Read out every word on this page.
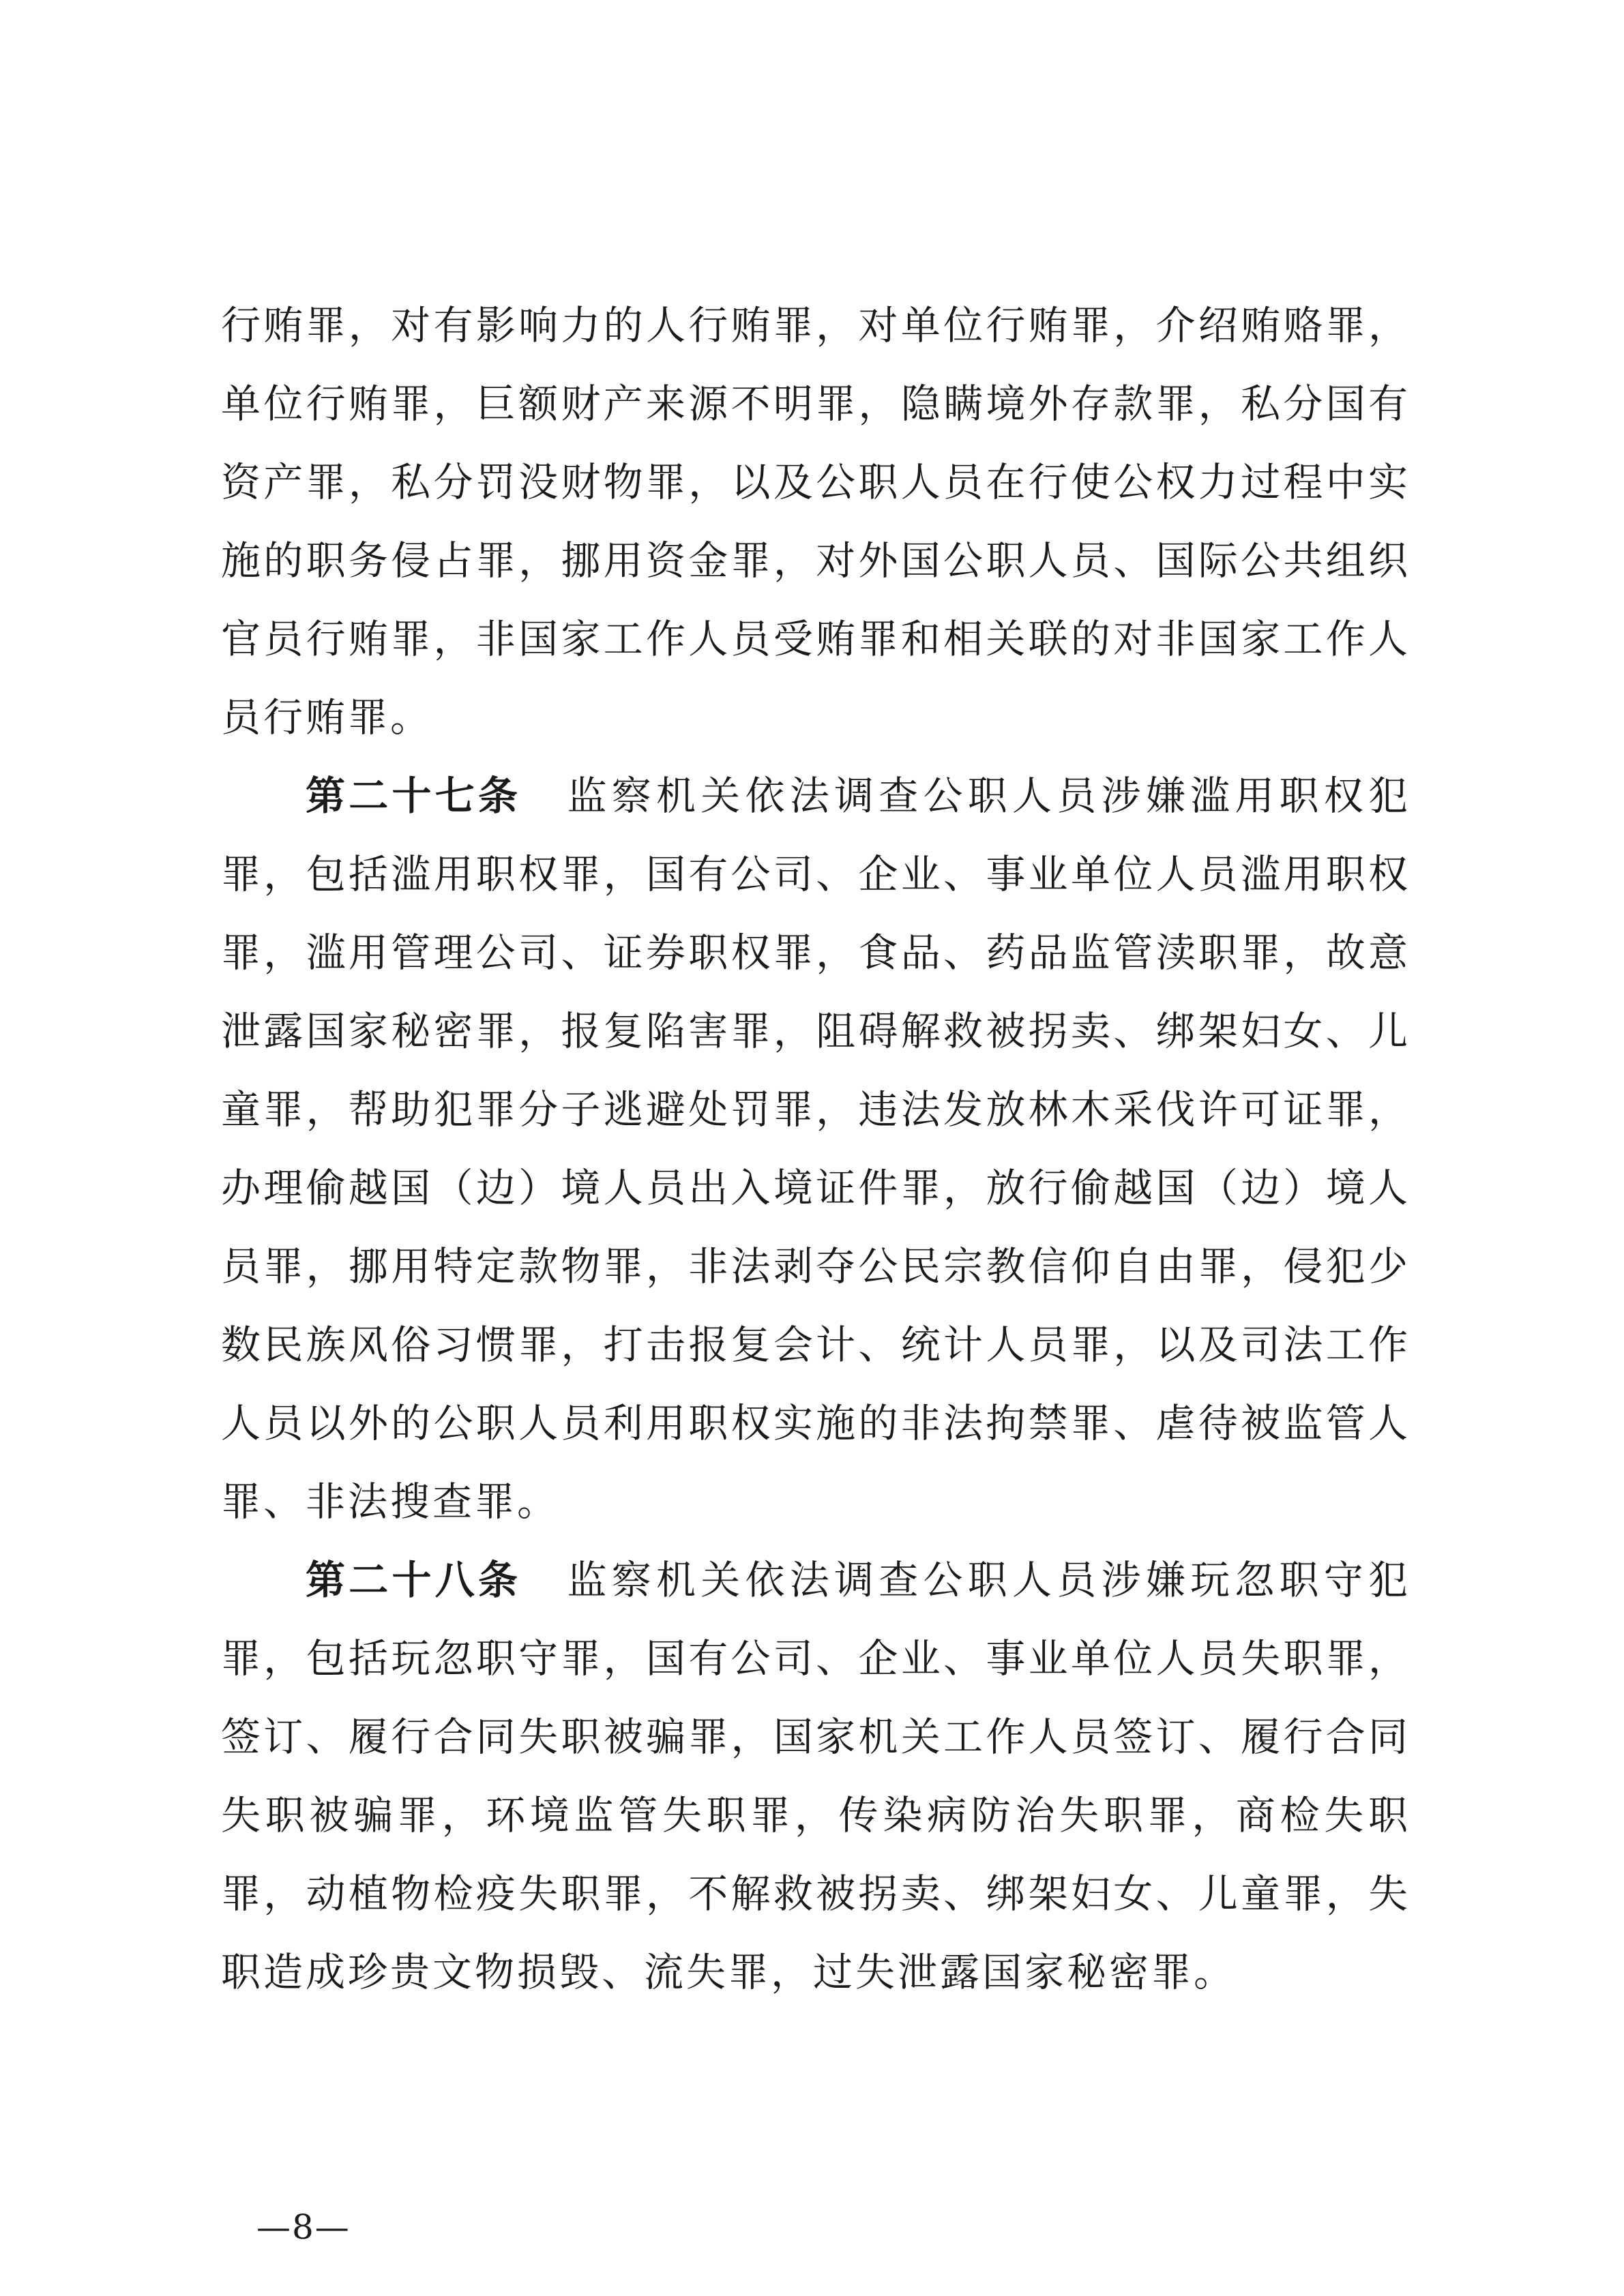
行贿罪，对有影响力的人行贿罪，对单位行贿罪，介绍贿赂罪，单位行贿罪，巨额财产来源不明罪，隐瞒境外存款罪，私分国有资产罪，私分罚没财物罪，以及公职人员在行使公权力过程中实施的职务侵占罪，挪用资金罪，对外国公职人员、国际公共组织官员行贿罪，非国家工作人员受贿罪和相关联的对非国家工作人员行贿罪。

第二十七条 监察机关依法调查公职人员涉嫌滥用职权犯罪，包括滥用职权罪，国有公司、企业、事业单位人员滥用职权罪，滥用管理公司、证券职权罪，食品、药品监管渎职罪，故意泄露国家秘密罪，报复陷害罪，阻碍解救被拐卖、绑架妇女、儿童罪，帮助犯罪分子逃避处罚罪，违法发放林木采伐许可证罪，办理偷越国（边）境人员出入境证件罪，放行偷越国（边）境人员罪，挪用特定款物罪，非法剥夺公民宗教信仰自由罪，侵犯少数民族风俗习惯罪，打击报复会计、统计人员罪，以及司法工作人员以外的公职人员利用职权实施的非法拘禁罪、虐待被监管人罪、非法搜查罪。

第二十八条 监察机关依法调查公职人员涉嫌玩忽职守犯罪，包括玩忽职守罪，国有公司、企业、事业单位人员失职罪，签订、履行合同失职被骗罪，国家机关工作人员签订、履行合同失职被骗罪，环境监管失职罪，传染病防治失职罪，商检失职罪，动植物检疫失职罪，不解救被拐卖、绑架妇女、儿童罪，失职造成珍贵文物损毁、流失罪，过失泄露国家秘密罪。

—8—
